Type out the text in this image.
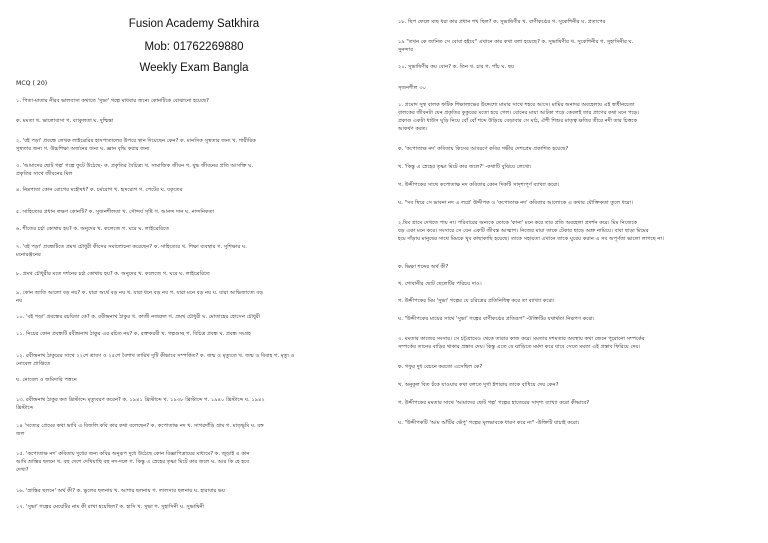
Fusion Academy Satkhira
Mob: 01762269880
Weekly Exam Bangla
MCQ ( 20)
১. পিতা-মাতার নীরব ভালবাসা কথাতে 'সুভা' গল্পে মাধবার জন্যে কোনটিকে বোঝানো হয়েছে?
ক. মমতা খ. ভালোবাসা গ. ব্যাকুলতা ঘ. দুশ্চিন্তা
২. 'বই পড়া' প্রবন্ধে লেখক লাইব্রেরির হাসপাতালের উপরে স্থান দিয়েছেন কেন? ক. মানসিক সুস্থতার জন্য খ. শারীরিক
সুস্থতার জন্য গ. উচ্চশিক্ষা অর্জনের জন্য ঘ. জ্ঞান বৃদ্ধি করার জন্য
৩. 'আমাদের ছোট গল্প' গল্পে ফুটে উঠেছে- ক. প্রকৃতির বৈচিত্র্য খ. সামাজিক জীবন গ. যুদ্ধ জীবনের প্রতি আসক্তি ঘ.
প্রকৃতির সাথে জীবনের মিল
৪. নিম্নপাতা কোন রোগের মহৌষধ? ক. চর্মরোগ খ. হৃদরোগ গ. পেটের ঘ. যকৃতের
৫. সাহিত্যের প্রধান লক্ষণ কোনটি? ক. সুজনশীলতা খ. সৌন্দর্য সৃষ্টি গ. আনন্দ দান ঘ. নান্দনিকতা
৬. শীতের চর্চা কোথায় হয়? ক. অনুদের খ. কলেজে গ. ঘরে ঘ. লাইব্রেরিতে
৭. 'বই পড়া' প্রবন্ধটিতে প্রমথ চৌধুরী কীসের সমালোচনা করেছেন? ক. সাহিত্যের খ. শিক্ষা ব্যবস্থার গ. সুশিক্ষার ঘ.
মনোরঞ্জনের
৮. প্রমথ চৌধুরীর মতে দর্শনের চর্চা কোথায় হয়? ক. অনুদের খ. কলেজে গ. ঘরে ঘ. লাইব্রেরিতে
৯. কোন জাতি আলো বড় নয়? ক. যারা অর্থে বড় নয় খ. যারা ধনে বড় নয় গ. যারা মনে বড় নয় ঘ. যারা আভিজাত্যে বড়
নয়
১০. 'বই পড়া' প্রবন্ধের রচয়িতা কে? ক. রবীন্দ্রনাথ ঠাকুর খ. কাজী নজরুল গ. প্রমথ চৌধুরী ঘ. মোতাহের হোসেন চৌধুরী
১১. নিচের কোন প্রবন্ধটি রবীন্দ্রনাথ ঠাকুর এর রচিত নয়? ক. রক্তকরবী খ. গল্পগুচ্ছ গ. বিচিত্র প্রবন্ধ ঘ. প্রবন্ধ সংগ্রহ
১২. রবীন্দ্রনাথ ঠাকুরের সাথে ২২শে শ্রাবণ ও ২৫শে বৈশাখ তারিখ দুটি কীভাবে সম্পর্কিত? ক. জন্ম ও মৃত্যুতে খ. জন্ম ও বিবাহ গ. মৃত্যু ও
নোবেল প্রাপ্তিতে
ঘ. নোবেল ও জমিদারি পত্তনে
১৩. রবীন্দ্রনাথ ঠাকুর কত খ্রিস্টাব্দে মৃত্যুবরণ করেন? ক. ১৯৪১ খ্রিস্টাব্দে খ. ১৯৩৮ খ্রিস্টাব্দে গ. ১৯৪০ খ্রিস্টাব্দে ঘ. ১৯৪২
খ্রিস্টাব্দে
১৪ 'সত্যের প্রেমের কথা ভাবি এ বিজলি কবি কার কথা বলেছেন? ক. কপোতাক্ষ নদ খ. সাগরদাঁড়ি গ্রাম গ. মাতৃভূমি ঘ. বঙ্গ
জল
১৫. 'কপোতাক্ষ নদ' কবিতায় দুধের জন্য কবির অনুরূপ দুধে উঠেছে কোন বিজ্ঞাপিত্রায়ের মাধ্যমে? ক. জুড়াই এ কান
আমি ভ্রান্তির ছলনে খ. বহু দেশে দেখিয়াছি বহু নদ-দলে গ. কিন্তু এ স্নেহের তৃষ্ণা মিটে কার জলে ঘ. আর কি হে হবে
দেখা?
১৬. 'ভ্রান্তির ছলনে' অর্থ কী? ক. ভুলের ছলনায় খ. আশার ছলনায় গ. লালসার ছলনায় ঘ. হারাবার ভয়
১৭. 'সুভা' গল্পের মেয়েটির নাম কী রাখা হয়েছিল? ক. হাসি খ. সুভা গ. সুহাসিনী ঘ. সুভাষিনী
১৮. ছিপ ফেলে মাছ ধরা কার প্রধান শখ ছিল? ক. সুভাষিণীর খ. বাণীকণ্ঠের গ. সুকেশিনীর ঘ. প্রতাপের
১৯ "তখন কে জানিত সে বোবা হইবে" এখানে কার কথা বলা হয়েছে? ক. সুভাষিণীর খ. সুকেশিনীর গ. সুহাসিনীর ঘ.
সুনন্দার
২০. সুভাষিণীর কয় বোন? ক. তিন খ. চার গ. পাঁচ ঘ. ছয়
সৃজনশীল ৩০
১. প্রমোদ সুস্থ বালক ফটিক শিক্ষালাভের উদ্দেশ্যে মামার সাথে শহরে আসে। মামির অনাদর অবহেলায় এই স্বাধীনচেতা
বালকের জীবনটা যেন প্রকৃতির কুকুরের মতো হয়ে গেল। বোনের মায়া আটকা পড়ে কেবলই তার প্রাণের কথা মনে পড়ে।
প্রকাণ্ড একটা ধাউস ঘুড়ি নিয়ে বোঁ বোঁ শব্দে উড়িয়ে বেড়াবার সে মাঠ, ঐশী শিশুর মাতৃত্ব ক্ষতির তীরে নদী তার চিত্তকে
আকর্ষণ করত।
ক. 'কপোতাক্ষ নদ' কবিতায় কিসের আবরণে কবির গভীর দেশপ্রেম প্রকাশিত হয়েছে?
খ. 'কিন্তু এ স্নেহের তৃষ্ণা মিটে কার জলে?' -কথাটি বুঝিয়ে লেখো।
গ. উদ্দীপকের সাথে কপোতাক্ষ নদ কবিতার কোন দিকটি সাদৃশ্যপূর্ণ ব্যাখ্যা করো।
ঘ. "সব স্থিরে সে ভাবনা নদ এ লগ্নে' উদ্দীপক ও 'কপোতাক্ষ নদ' কবিতার আলোকে এ কথার যৌক্তিকতা তুলে ধরো।
২.মিম গ্রামে দেখতে পায় না। পরিবারের অন্যকে তোকে 'কানা' মনে করে তার প্রতি অবহেলা প্রদর্শন করে। মিম নিজেকে
বড় একা মনে করে। সংসারে সে যেন একটি জীবন্ত আত্মাশ। নিজের মায়া তাকে টেকার ছাড়ে অশ্রু নামিয়ে। বাবা ছাড়া মিমের
হয়ে দাঁড়ায় মানুষের সাথে মিমকে খুব কাছাকাছি হয়েছে। তাকে সহায়তা এখানে তাকে ঘুরেয় করান এ সব অপূর্ণতা ভালো লাগছে না।
ক. ভিক্ষা শব্দের অর্থ কী?
খ. গোবানীর ছোট ছেলেটির পরিচয় দাও।
গ. উদ্দীপকের মিম 'সুভা' গল্পের যে চরিত্রের প্রতিনিধিত্ব করে তা ব্যাখ্যা করো।
ঘ. "উদ্দীপকের মায়ের সাথে 'সুভা' গল্পের বাণীকণ্ঠের প্রতিরূপ" -উক্তিটির যথার্থতা নিরূপণ করো।
৩. মমতার কাজের সংসার। সে চট্টগ্রামেও থেকে তারার কাজ করে। মমতার দশমতার অবস্থায় কথা জেনে পুরোনো সম্পর্কের
সম্পর্কের তানের বাড়ির থাকার প্রস্তাব দেয়। কিন্তু এতে যে ঝাড়িতে মর্মদা করে যাবে সেতে মমতা এই প্রস্তাব ফিরিয়ে দেয়।
ক. গফুর দুধ বেচনে করতো এসেছিল কে?
খ. অনুকূল বিত চঁকে যাওয়ার কথা বলতে দুর্গা ইশারায় তাকে বাধিয়ে দেয় কেন?
গ. উদ্দীপকের মমতার সাথে 'আমাদের ছোট গল্প' গল্পের হাতেরের সাদৃশ্য ব্যাখ্যা করো কীভাবে?
ঘ. "উদ্দীপকটি 'আম আঁটির ভেঁপু' গল্পের মূলভাবকে ধারণ করে না" -উক্তিটি যাচাই করো।
